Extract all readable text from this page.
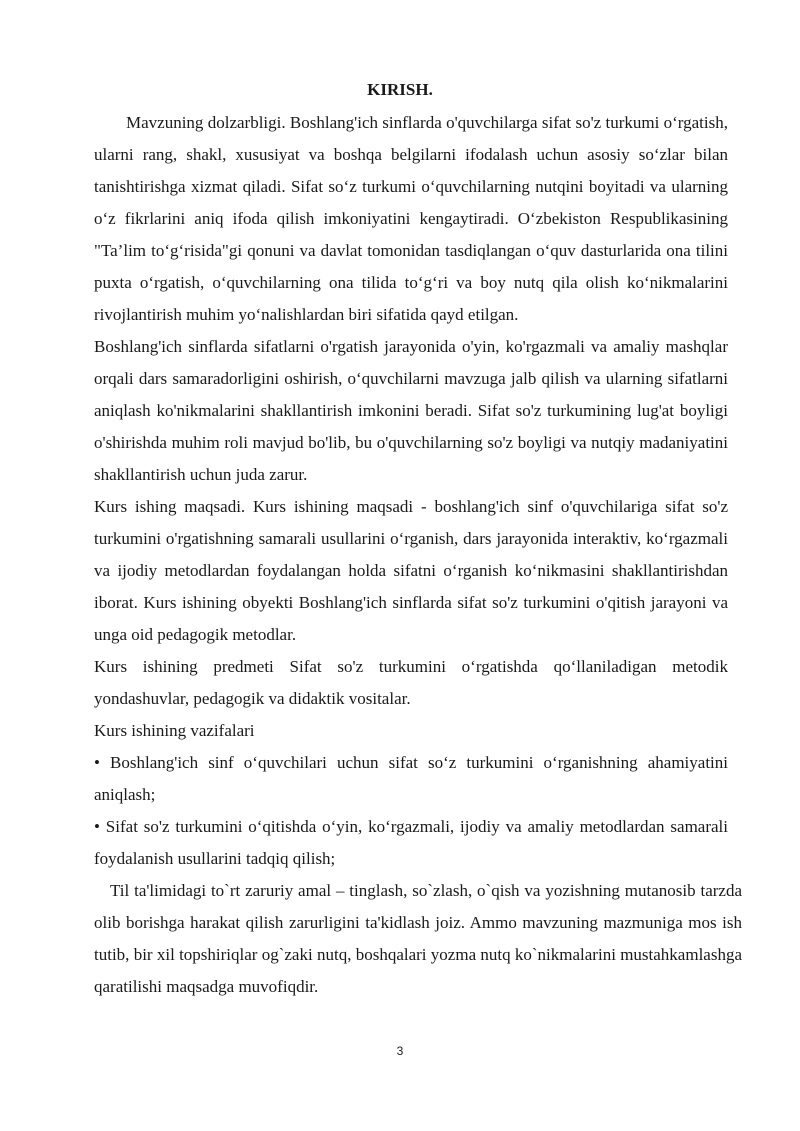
KIRISH.

Mavzuning dolzarbligi. Boshlang'ich sinflarda o'quvchilarga sifat so'z turkumi o‘rgatish, ularni rang, shakl, xususiyat va boshqa belgilarni ifodalash uchun asosiy so‘zlar bilan tanishtirishga xizmat qiladi. Sifat so‘z turkumi o‘quvchilarning nutqini boyitadi va ularning o‘z fikrlarini aniq ifoda qilish imkoniyatini kengaytiradi. O‘zbekiston Respublikasining "Ta’lim to‘g‘risida"gi qonuni va davlat tomonidan tasdiqlangan o‘quv dasturlarida ona tilini puxta o‘rgatish, o‘quvchilarning ona tilida to‘g‘ri va boy nutq qila olish ko‘nikmalarini rivojlantirish muhim yo‘nalishlardan biri sifatida qayd etilgan.

Boshlang'ich sinflarda sifatlarni o'rgatish jarayonida o'yin, ko'rgazmali va amaliy mashqlar orqali dars samaradorligini oshirish, o‘quvchilarni mavzuga jalb qilish va ularning sifatlarni aniqlash ko'nikmalarini shakllantirish imkonini beradi. Sifat so'z turkumining lug'at boyligi o'shirishda muhim roli mavjud bo'lib, bu o'quvchilarning so'z boyligi va nutqiy madaniyatini shakllantirish uchun juda zarur.

Kurs ishing maqsadi. Kurs ishining maqsadi - boshlang'ich sinf o'quvchilariga sifat so'z turkumini o'rgatishning samarali usullarini o‘rganish, dars jarayonida interaktiv, ko‘rgazmali va ijodiy metodlardan foydalangan holda sifatni o‘rganish ko‘nikmasini shakllantirishdan iborat. Kurs ishining obyekti Boshlang'ich sinflarda sifat so'z turkumini o'qitish jarayoni va unga oid pedagogik metodlar.

Kurs ishining predmeti Sifat so'z turkumini o‘rgatishda qo‘llaniladigan metodik yondashuvlar, pedagogik va didaktik vositalar.

Kurs ishining vazifalari

• Boshlang'ich sinf o‘quvchilari uchun sifat so‘z turkumini o‘rganishning ahamiyatini aniqlash;

• Sifat so'z turkumini o‘qitishda o‘yin, ko‘rgazmali, ijodiy va amaliy metodlardan samarali foydalanish usullarini tadqiq qilish;

Til ta'limidagi to`rt zaruriy amal – tinglash, so`zlash, o`qish va yozishning mutanosib tarzda olib borishga harakat qilish zarurligini ta'kidlash joiz. Ammo mavzuning mazmuniga mos ish tutib, bir xil topshiriqlar og`zaki nutq, boshqalari yozma nutq ko`nikmalarini mustahkamlashga qaratilishi maqsadga muvofiqdir.

3
